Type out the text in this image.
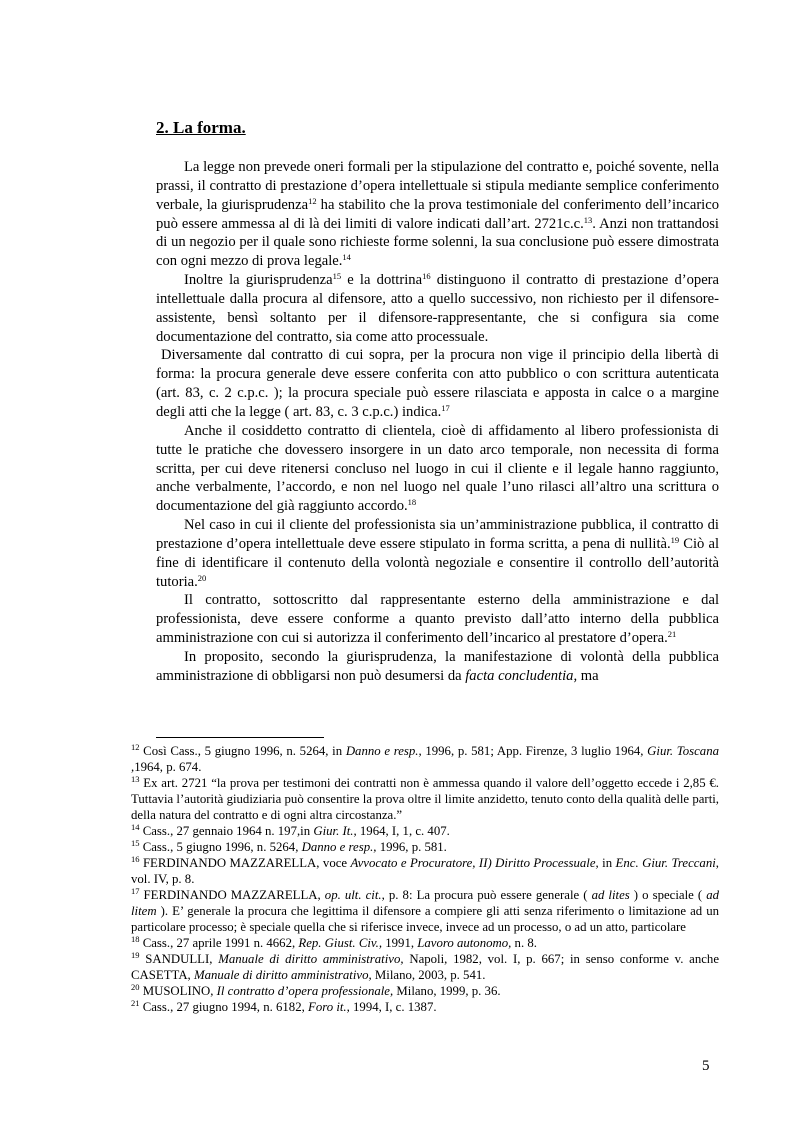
2. La forma.

La legge non prevede oneri formali per la stipulazione del contratto e, poiché sovente, nella prassi, il contratto di prestazione d’opera intellettuale si stipula mediante semplice conferimento verbale, la giurisprudenza$^{12}$ ha stabilito che la prova testimoniale del conferimento dell’incarico può essere ammessa al di là dei limiti di valore indicati dall’art. 2721c.c.$^{13}$. Anzi non trattandosi di un negozio per il quale sono richieste forme solenni, la sua conclusione può essere dimostrata con ogni mezzo di prova legale.$^{14}$

Inoltre la giurisprudenza$^{15}$ e la dottrina$^{16}$ distinguono il contratto di prestazione d’opera intellettuale dalla procura al difensore, atto a quello successivo, non richiesto per il difensore-assistente, bensì soltanto per il difensore-rappresentante, che si configura sia come documentazione del contratto, sia come atto processuale.

Diversamente dal contratto di cui sopra, per la procura non vige il principio della libertà di forma: la procura generale deve essere conferita con atto pubblico o con scrittura autenticata (art. 83, c. 2 c.p.c. ); la procura speciale può essere rilasciata e apposta in calce o a margine degli atti che la legge ( art. 83, c. 3 c.p.c.) indica.$^{17}$

Anche il cosiddetto contratto di clientela, cioè di affidamento al libero professionista di tutte le pratiche che dovessero insorgere in un dato arco temporale, non necessita di forma scritta, per cui deve ritenersi concluso nel luogo in cui il cliente e il legale hanno raggiunto, anche verbalmente, l’accordo, e non nel luogo nel quale l’uno rilasci all’altro una scrittura o documentazione del già raggiunto accordo.$^{18}$

Nel caso in cui il cliente del professionista sia un’amministrazione pubblica, il contratto di prestazione d’opera intellettuale deve essere stipulato in forma scritta, a pena di nullità.$^{19}$ Ciò al fine di identificare il contenuto della volontà negoziale e consentire il controllo dell’autorità tutoria.$^{20}$

Il contratto, sottoscritto dal rappresentante esterno della amministrazione e dal professionista, deve essere conforme a quanto previsto dall’atto interno della pubblica amministrazione con cui si autorizza il conferimento dell’incarico al prestatore d’opera.$^{21}$

In proposito, secondo la giurisprudenza, la manifestazione di volontà della pubblica amministrazione di obbligarsi non può desumersi da facta concludentia, ma

$^{12}$ Così Cass., 5 giugno 1996, n. 5264, in Danno e resp., 1996, p. 581; App. Firenze, 3 luglio 1964, Giur. Toscana ,1964, p. 674.

$^{13}$ Ex art. 2721 “la prova per testimoni dei contratti non è ammessa quando il valore dell’oggetto eccede i 2,85 €. Tuttavia l’autorità giudiziaria può consentire la prova oltre il limite anzidetto, tenuto conto della qualità delle parti, della natura del contratto e di ogni altra circostanza.”

$^{14}$ Cass., 27 gennaio 1964 n. 197,in Giur. It., 1964, I, 1, c. 407.

$^{15}$ Cass., 5 giugno 1996, n. 5264, Danno e resp., 1996, p. 581.

$^{16}$ FERDINANDO MAZZARELLA, voce Avvocato e Procuratore, II) Diritto Processuale, in Enc. Giur. Treccani, vol. IV, p. 8.

$^{17}$ FERDINANDO MAZZARELLA, op. ult. cit., p. 8: La procura può essere generale ( ad lites ) o speciale ( ad litem ). E’ generale la procura che legittima il difensore a compiere gli atti senza riferimento o limitazione ad un particolare processo; è speciale quella che si riferisce invece, invece ad un processo, o ad un atto, particolare

$^{18}$ Cass., 27 aprile 1991 n. 4662, Rep. Giust. Civ., 1991, Lavoro autonomo, n. 8.

$^{19}$ SANDULLI, Manuale di diritto amministrativo, Napoli, 1982, vol. I, p. 667; in senso conforme v. anche CASETTA, Manuale di diritto amministrativo, Milano, 2003, p. 541.

$^{20}$ MUSOLINO, Il contratto d’opera professionale, Milano, 1999, p. 36.

$^{21}$ Cass., 27 giugno 1994, n. 6182, Foro it., 1994, I, c. 1387.

5
